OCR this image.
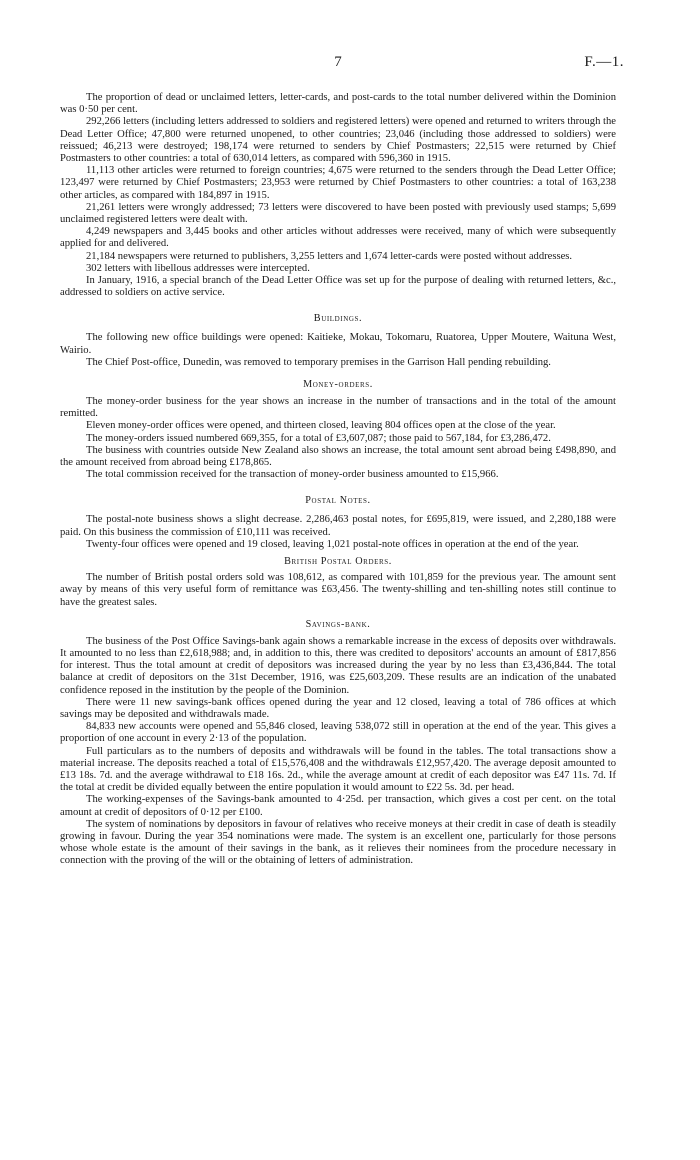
7	F.—1.

The proportion of dead or unclaimed letters, letter-cards, and post-cards to the total number delivered within the Dominion was 0·50 per cent.

292,266 letters (including letters addressed to soldiers and registered letters) were opened and returned to writers through the Dead Letter Office; 47,800 were returned unopened, to other countries; 23,046 (including those addressed to soldiers) were reissued; 46,213 were destroyed; 198,174 were returned to senders by Chief Postmasters; 22,515 were returned by Chief Postmasters to other countries: a total of 630,014 letters, as compared with 596,360 in 1915.

11,113 other articles were returned to foreign countries; 4,675 were returned to the senders through the Dead Letter Office; 123,497 were returned by Chief Postmasters; 23,953 were returned by Chief Postmasters to other countries: a total of 163,238 other articles, as compared with 184,897 in 1915.

21,261 letters were wrongly addressed; 73 letters were discovered to have been posted with previously used stamps; 5,699 unclaimed registered letters were dealt with.

4,249 newspapers and 3,445 books and other articles without addresses were received, many of which were subsequently applied for and delivered.

21,184 newspapers were returned to publishers, 3,255 letters and 1,674 letter-cards were posted without addresses.

302 letters with libellous addresses were intercepted.

In January, 1916, a special branch of the Dead Letter Office was set up for the purpose of dealing with returned letters, &c., addressed to soldiers on active service.

Buildings.

The following new office buildings were opened: Kaitieke, Mokau, Tokomaru, Ruatorea, Upper Moutere, Waituna West, Wairio.

The Chief Post-office, Dunedin, was removed to temporary premises in the Garrison Hall pending rebuilding.

Money-orders.

The money-order business for the year shows an increase in the number of transactions and in the total of the amount remitted.

Eleven money-order offices were opened, and thirteen closed, leaving 804 offices open at the close of the year.

The money-orders issued numbered 669,355, for a total of £3,607,087; those paid to 567,184, for £3,286,472.

The business with countries outside New Zealand also shows an increase, the total amount sent abroad being £498,890, and the amount received from abroad being £178,865.

The total commission received for the transaction of money-order business amounted to £15,966.

Postal Notes.

The postal-note business shows a slight decrease. 2,286,463 postal notes, for £695,819, were issued, and 2,280,188 were paid. On this business the commission of £10,111 was received.

Twenty-four offices were opened and 19 closed, leaving 1,021 postal-note offices in operation at the end of the year.

British Postal Orders.

The number of British postal orders sold was 108,612, as compared with 101,859 for the previous year. The amount sent away by means of this very useful form of remittance was £63,456. The twenty-shilling and ten-shilling notes still continue to have the greatest sales.

Savings-bank.

The business of the Post Office Savings-bank again shows a remarkable increase in the excess of deposits over withdrawals. It amounted to no less than £2,618,988; and, in addition to this, there was credited to depositors' accounts an amount of £817,856 for interest. Thus the total amount at credit of depositors was increased during the year by no less than £3,436,844. The total balance at credit of depositors on the 31st December, 1916, was £25,603,209. These results are an indication of the unabated confidence reposed in the institution by the people of the Dominion.

There were 11 new savings-bank offices opened during the year and 12 closed, leaving a total of 786 offices at which savings may be deposited and withdrawals made.

84,833 new accounts were opened and 55,846 closed, leaving 538,072 still in operation at the end of the year. This gives a proportion of one account in every 2·13 of the population.

Full particulars as to the numbers of deposits and withdrawals will be found in the tables. The total transactions show a material increase. The deposits reached a total of £15,576,408 and the withdrawals £12,957,420. The average deposit amounted to £13 18s. 7d. and the average withdrawal to £18 16s. 2d., while the average amount at credit of each depositor was £47 11s. 7d. If the total at credit be divided equally between the entire population it would amount to £22 5s. 3d. per head.

The working-expenses of the Savings-bank amounted to 4·25d. per transaction, which gives a cost per cent. on the total amount at credit of depositors of 0·12 per £100.

The system of nominations by depositors in favour of relatives who receive moneys at their credit in case of death is steadily growing in favour. During the year 354 nominations were made. The system is an excellent one, particularly for those persons whose whole estate is the amount of their savings in the bank, as it relieves their nominees from the procedure necessary in connection with the proving of the will or the obtaining of letters of administration.
